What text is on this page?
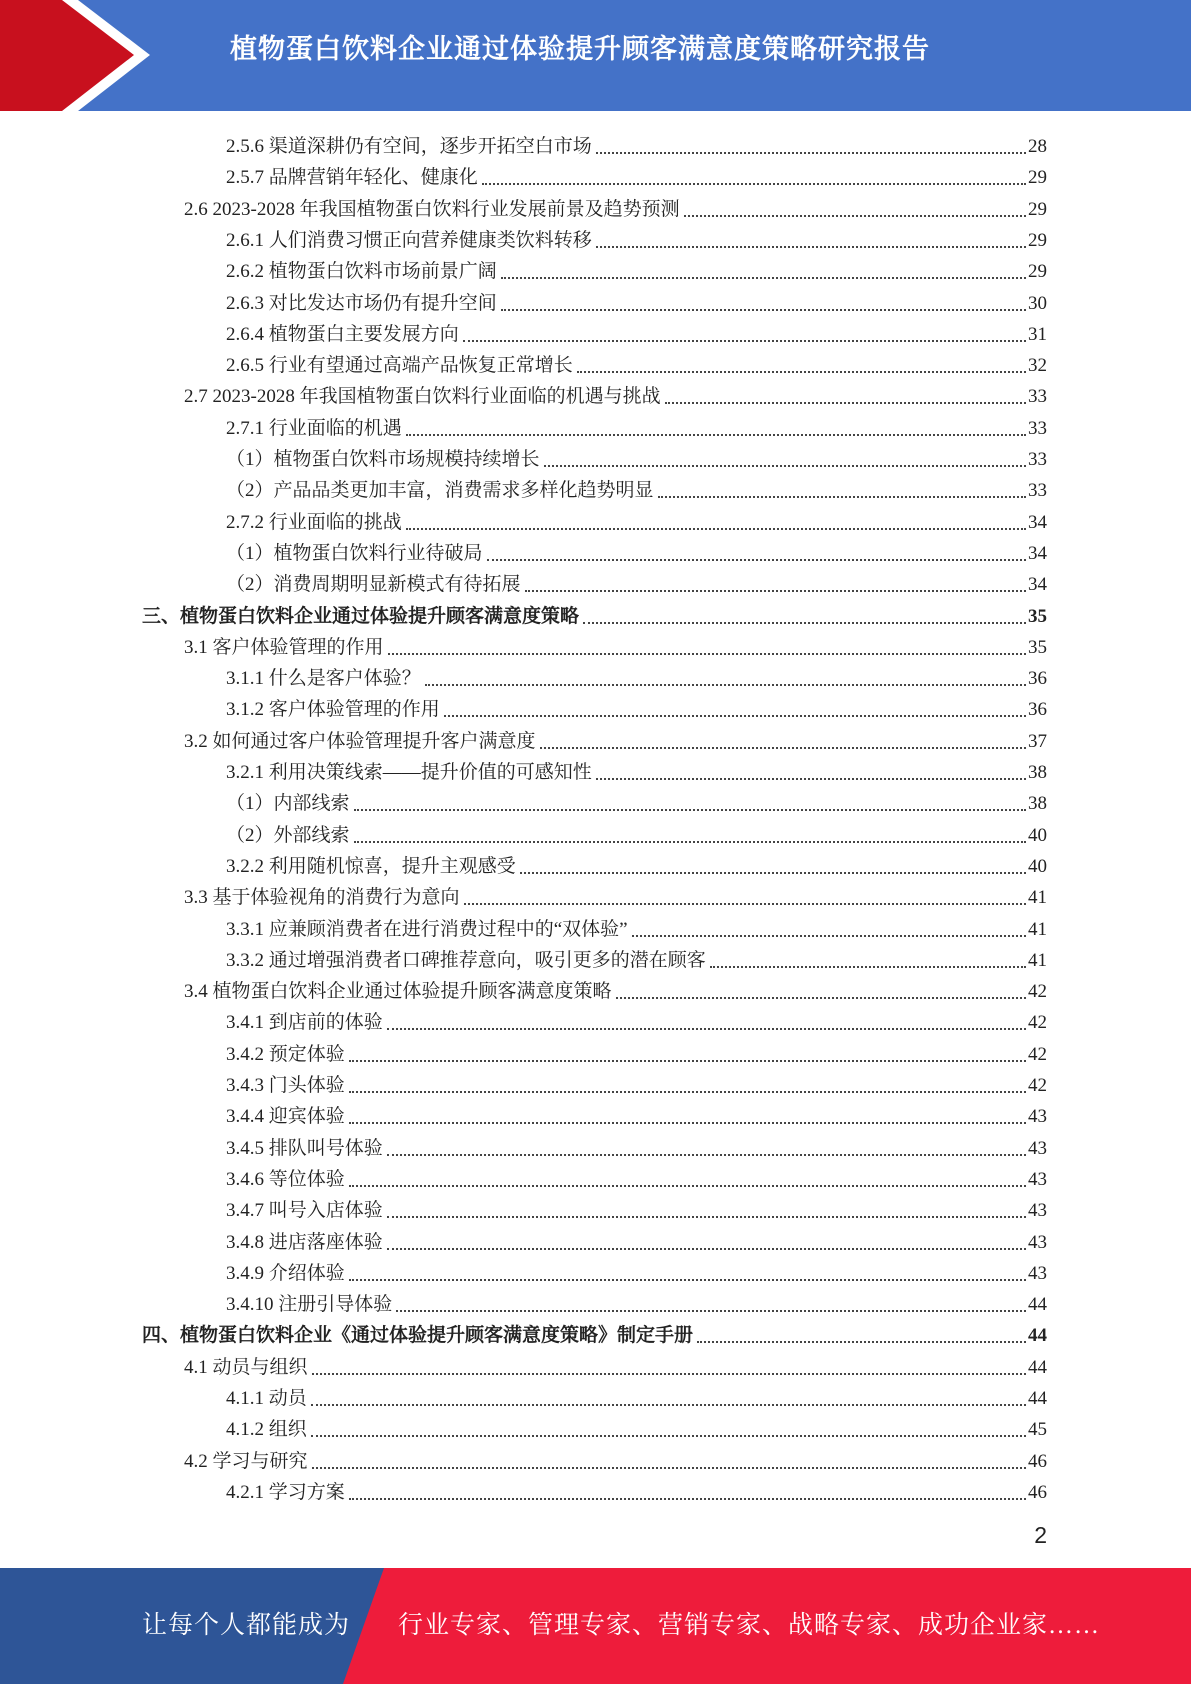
植物蛋白饮料企业通过体验提升顾客满意度策略研究报告
2.5.6 渠道深耕仍有空间，逐步开拓空白市场	28
2.5.7 品牌营销年轻化、健康化	29
2.6 2023-2028 年我国植物蛋白饮料行业发展前景及趋势预测	29
2.6.1 人们消费习惯正向营养健康类饮料转移	29
2.6.2 植物蛋白饮料市场前景广阔	29
2.6.3 对比发达市场仍有提升空间	30
2.6.4 植物蛋白主要发展方向	31
2.6.5 行业有望通过高端产品恢复正常增长	32
2.7 2023-2028 年我国植物蛋白饮料行业面临的机遇与挑战	33
2.7.1 行业面临的机遇	33
（1）植物蛋白饮料市场规模持续增长	33
（2）产品品类更加丰富，消费需求多样化趋势明显	33
2.7.2 行业面临的挑战	34
（1）植物蛋白饮料行业待破局	34
（2）消费周期明显新模式有待拓展	34
三、植物蛋白饮料企业通过体验提升顾客满意度策略	35
3.1 客户体验管理的作用	35
3.1.1 什么是客户体验？	36
3.1.2 客户体验管理的作用	36
3.2 如何通过客户体验管理提升客户满意度	37
3.2.1 利用决策线索——提升价值的可感知性	38
（1）内部线索	38
（2）外部线索	40
3.2.2 利用随机惊喜，提升主观感受	40
3.3 基于体验视角的消费行为意向	41
3.3.1 应兼顾消费者在进行消费过程中的“双体验”	41
3.3.2 通过增强消费者口碑推荐意向，吸引更多的潜在顾客	41
3.4 植物蛋白饮料企业通过体验提升顾客满意度策略	42
3.4.1 到店前的体验	42
3.4.2 预定体验	42
3.4.3 门头体验	42
3.4.4 迎宾体验	43
3.4.5 排队叫号体验	43
3.4.6 等位体验	43
3.4.7 叫号入店体验	43
3.4.8 进店落座体验	43
3.4.9 介绍体验	43
3.4.10 注册引导体验	44
四、植物蛋白饮料企业《通过体验提升顾客满意度策略》制定手册	44
4.1 动员与组织	44
4.1.1 动员	44
4.1.2 组织	45
4.2 学习与研究	46
4.2.1 学习方案	46
2
让每个人都能成为 行业专家、管理专家、营销专家、战略专家、成功企业家……
